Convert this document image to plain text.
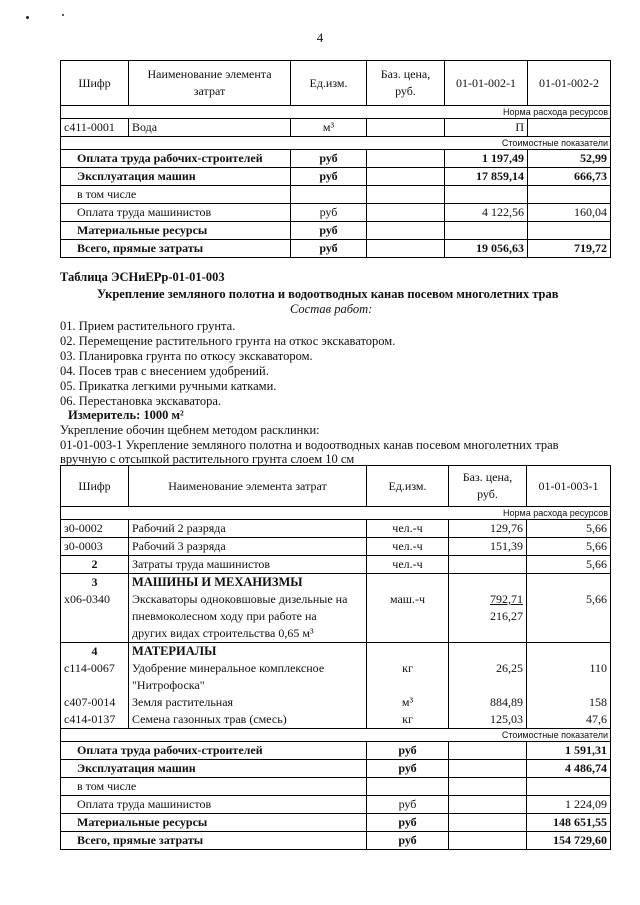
4
Шифр	Наименование элемента затрат	Ед.изм.	Баз. цена, руб.	01-01-002-1	01-01-002-2
Норма расхода ресурсов					
с411-0001	Вода	м³		П	
Стоимостные показатели					
Оплата труда рабочих-строителей		руб		1 197,49	52,99
Эксплуатация машин		руб		17 859,14	666,73
в том числе					
Оплата труда машинистов		руб		4 122,56	160,04
Материальные ресурсы		руб			
Всего, прямые затраты		руб		19 056,63	719,72
Таблица ЭСНиЕРр-01-01-003
Укрепление земляного полотна и водоотводных канав посевом многолетних трав
Состав работ:
01. Прием растительного грунта.
02. Перемещение растительного грунта на откос экскаватором.
03. Планировка грунта по откосу экскаватором.
04. Посев трав с внесением удобрений.
05. Прикатка легкими ручными катками.
06. Перестановка экскаватора.
Измеритель: 1000 м²
Укрепление обочин щебнем методом расклинки:
01-01-003-1 Укрепление земляного полотна и водоотводных канав посевом многолетних трав
вручную с отсыпкой растительного грунта слоем 10 см
Шифр	Наименование элемента затрат	Ед.изм.	Баз. цена, руб.	01-01-003-1
Норма расхода ресурсов				
з0-0002	Рабочий 2 разряда	чел.-ч	129,76	5,66
з0-0003	Рабочий 3 разряда	чел.-ч	151,39	5,66
2	Затраты труда машинистов	чел.-ч		5,66
3	МАШИНЫ И МЕХАНИЗМЫ			
х06-0340	Экскаваторы одноковшовые дизельные на	маш.-ч	792,71	5,66
	пневмоколесном ходу при работе на		216,27	
	других видах строительства 0,65 м³			
4	МАТЕРИАЛЫ			
с114-0067	Удобрение минеральное комплексное	кг	26,25	110
	"Нитрофоска"			
с407-0014	Земля растительная	м³	884,89	158
с414-0137	Семена газонных трав (смесь)	кг	125,03	47,6
Стоимостные показатели				
Оплата труда рабочих-строителей		руб		1 591,31
Эксплуатация машин		руб		4 486,74
в том числе				
Оплата труда машинистов		руб		1 224,09
Материальные ресурсы		руб		148 651,55
Всего, прямые затраты		руб		154 729,60
